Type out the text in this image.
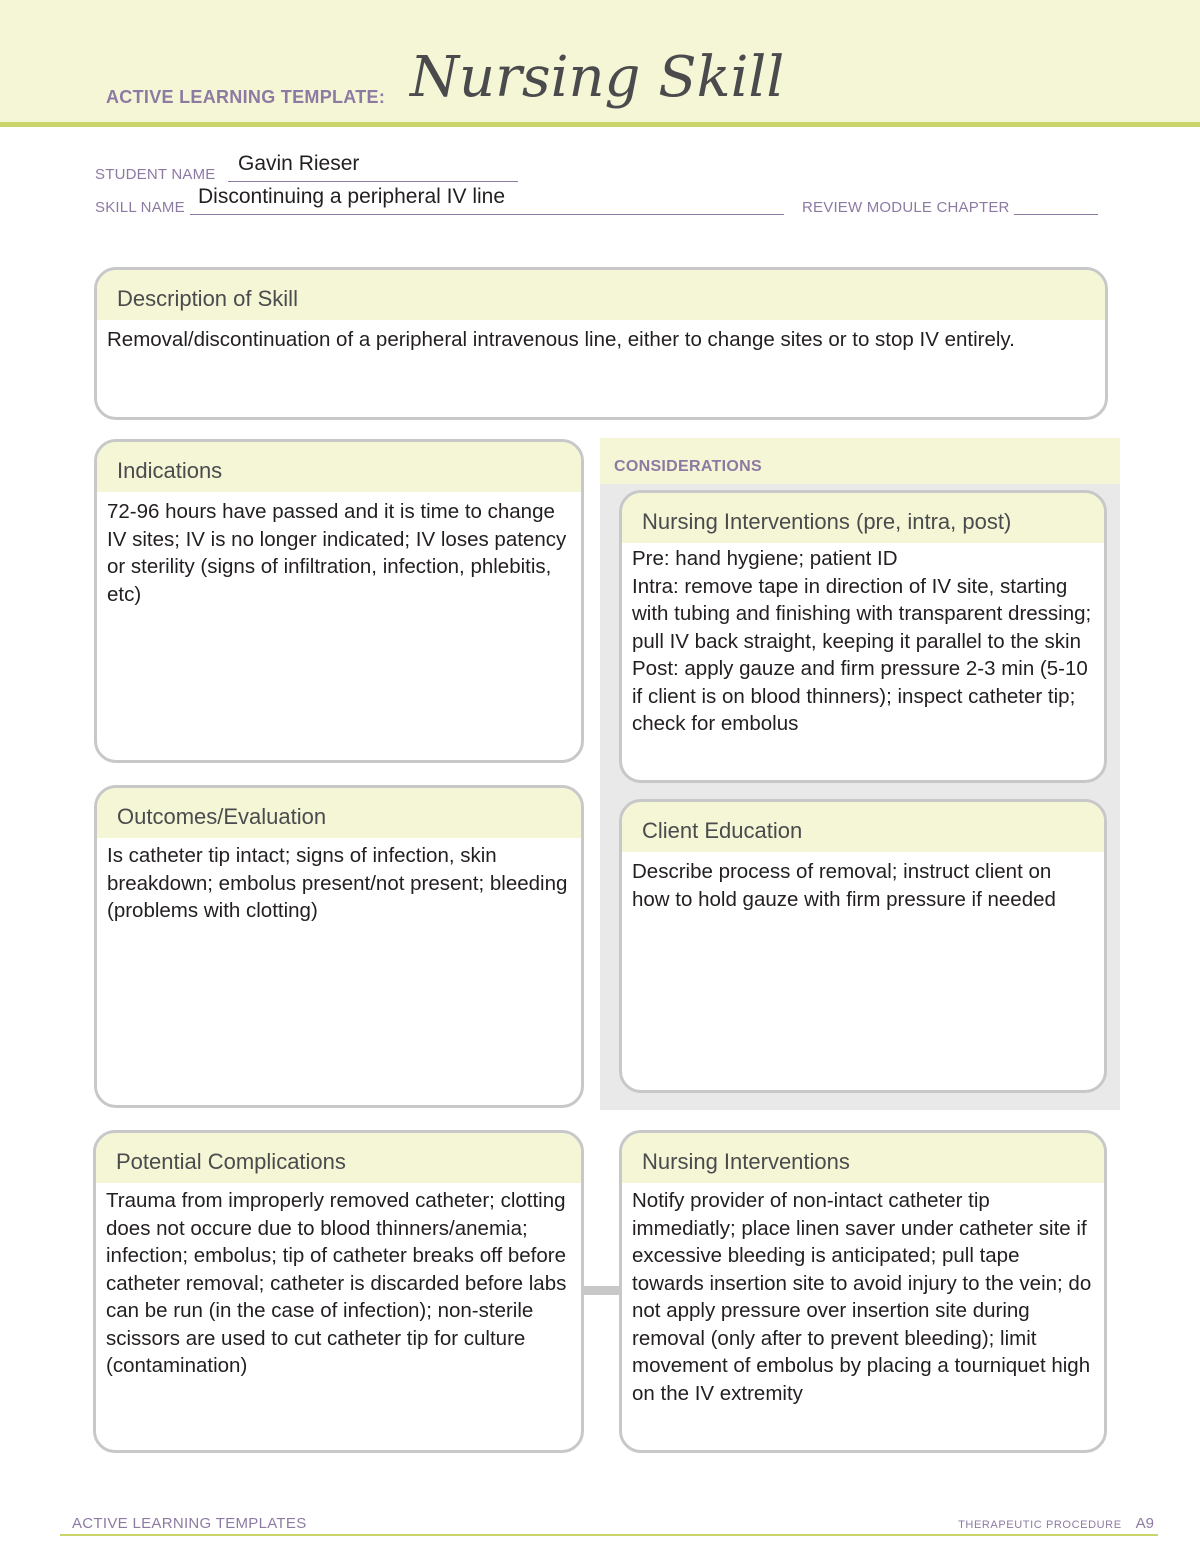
ACTIVE LEARNING TEMPLATE: Nursing Skill
STUDENT NAME Gavin Rieser
SKILL NAME Discontinuing a peripheral IV line	REVIEW MODULE CHAPTER
Description of Skill
Removal/discontinuation of a peripheral intravenous line, either to change sites or to stop IV entirely.
CONSIDERATIONS
Indications
72-96 hours have passed and it is time to change IV sites; IV is no longer indicated; IV loses patency or sterility (signs of infiltration, infection, phlebitis, etc)
Nursing Interventions (pre, intra, post)
Pre: hand hygiene; patient ID
Intra: remove tape in direction of IV site, starting with tubing and finishing with transparent dressing; pull IV back straight, keeping it parallel to the skin
Post: apply gauze and firm pressure 2-3 min (5-10 if client is on blood thinners); inspect catheter tip; check for embolus
Outcomes/Evaluation
Is catheter tip intact; signs of infection, skin breakdown; embolus present/not present; bleeding (problems with clotting)
Client Education
Describe process of removal; instruct client on how to hold gauze with firm pressure if needed
Potential Complications
Trauma from improperly removed catheter; clotting does not occure due to blood thinners/anemia; infection; embolus; tip of catheter breaks off before catheter removal; catheter is discarded before labs can be run (in the case of infection); non-sterile scissors are used to cut catheter tip for culture (contamination)
Nursing Interventions
Notify provider of non-intact catheter tip immediatly; place linen saver under catheter site if excessive bleeding is anticipated; pull tape towards insertion site to avoid injury to the vein; do not apply pressure over insertion site during removal (only after to prevent bleeding); limit movement of embolus by placing a tourniquet high on the IV extremity
ACTIVE LEARNING TEMPLATES	THERAPEUTIC PROCEDURE A9
